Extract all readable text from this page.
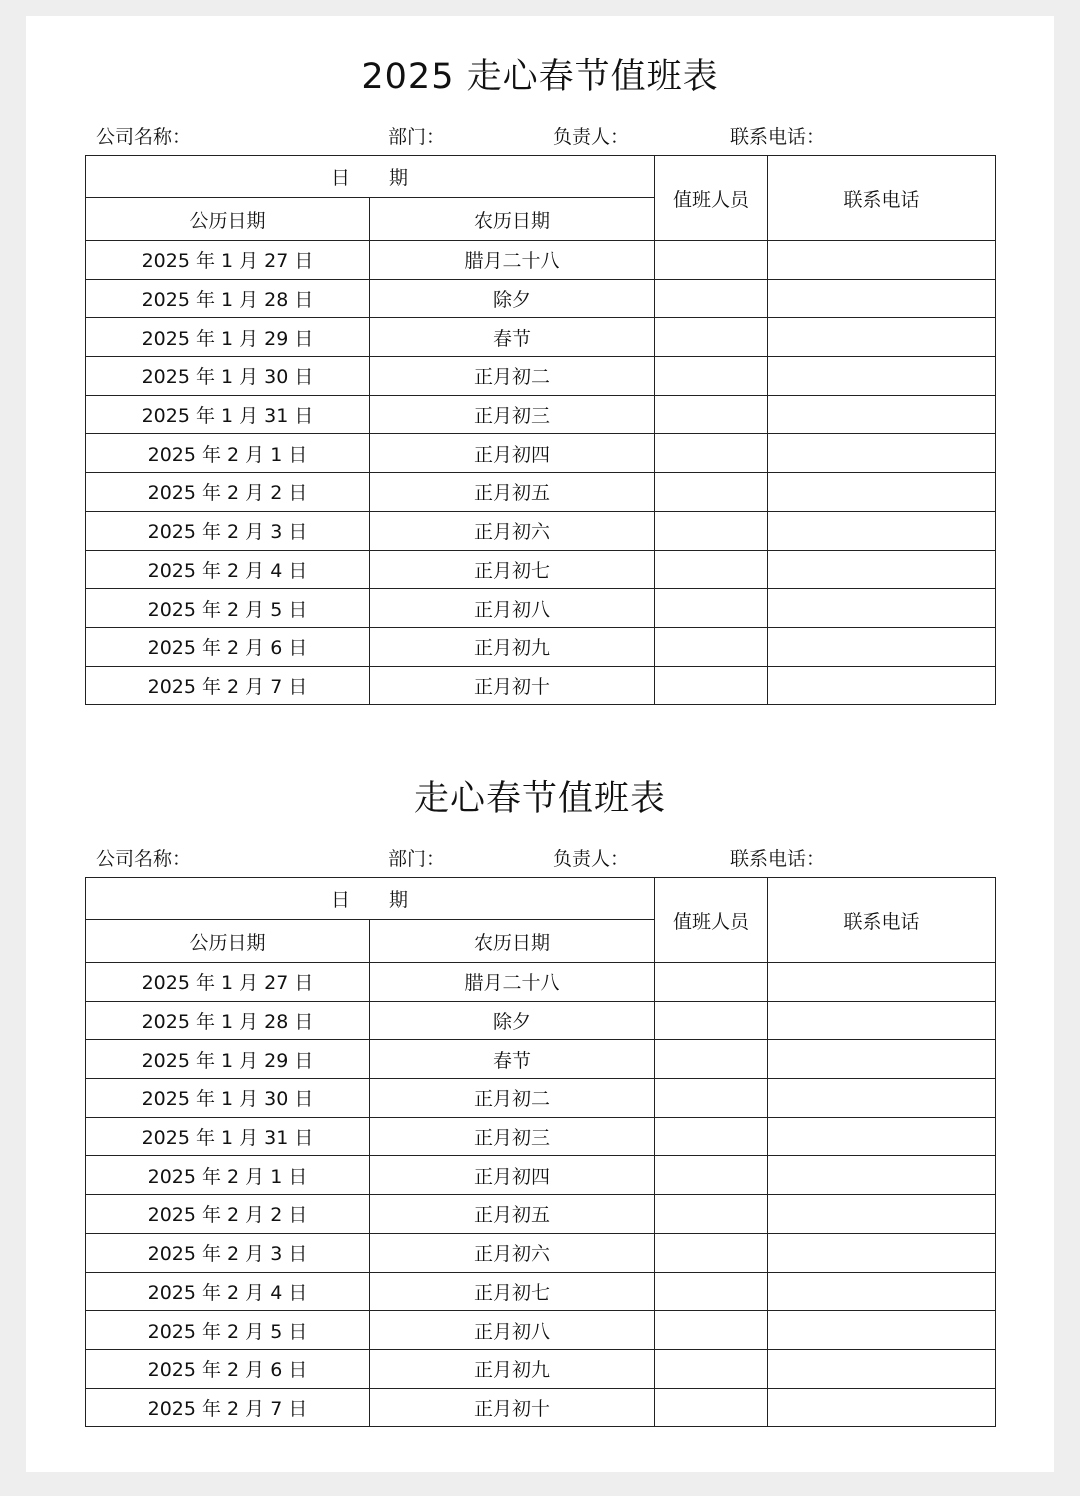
2025 走心春节值班表
公司名称：	部门：	负责人：	联系电话：
日 期		值班人员	联系电话
公历日期	农历日期		
2025 年 1 月 27 日	腊月二十八		
2025 年 1 月 28 日	除夕		
2025 年 1 月 29 日	春节		
2025 年 1 月 30 日	正月初二		
2025 年 1 月 31 日	正月初三		
2025 年 2 月 1 日	正月初四		
2025 年 2 月 2 日	正月初五		
2025 年 2 月 3 日	正月初六		
2025 年 2 月 4 日	正月初七		
2025 年 2 月 5 日	正月初八		
2025 年 2 月 6 日	正月初九		
2025 年 2 月 7 日	正月初十		
走心春节值班表
公司名称：	部门：	负责人：	联系电话：
日 期		值班人员	联系电话
公历日期	农历日期		
2025 年 1 月 27 日	腊月二十八		
2025 年 1 月 28 日	除夕		
2025 年 1 月 29 日	春节		
2025 年 1 月 30 日	正月初二		
2025 年 1 月 31 日	正月初三		
2025 年 2 月 1 日	正月初四		
2025 年 2 月 2 日	正月初五		
2025 年 2 月 3 日	正月初六		
2025 年 2 月 4 日	正月初七		
2025 年 2 月 5 日	正月初八		
2025 年 2 月 6 日	正月初九		
2025 年 2 月 7 日	正月初十		
